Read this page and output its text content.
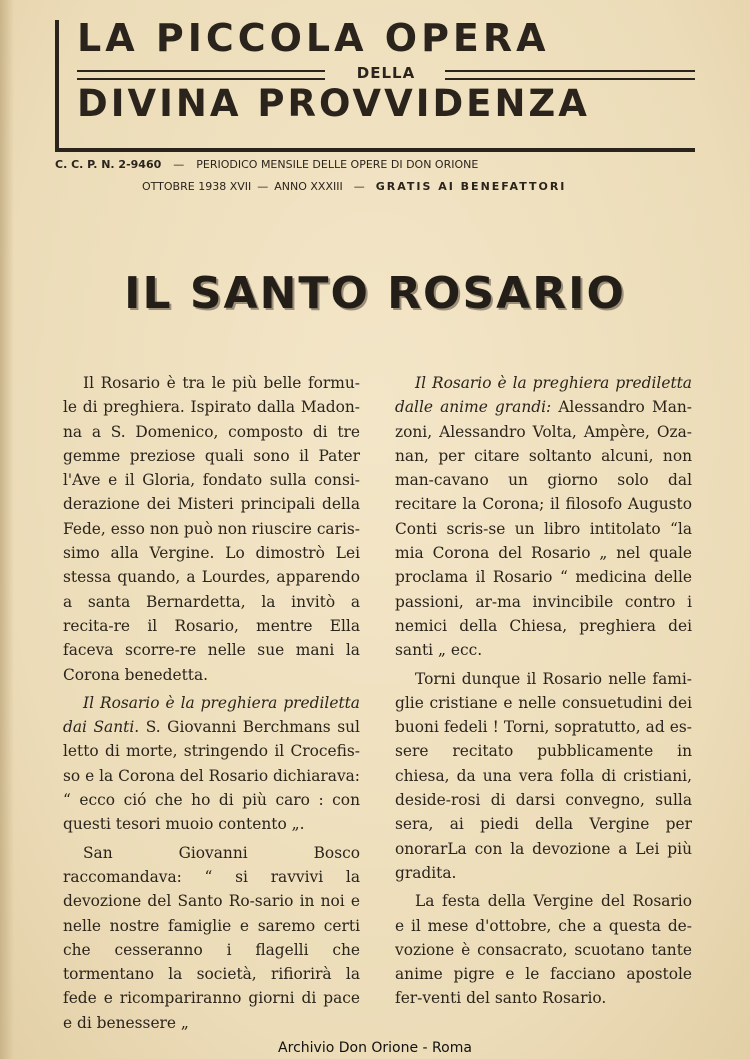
LA PICCOLA OPERA
DELLA
DIVINA PROVVIDENZA
C. C. P. N. 2-9460 — PERIODICO MENSILE DELLE OPERE DI DON ORIONE
OTTOBRE 1938 XVII — ANNO XXXIII — GRATIS AI BENEFATTORI
IL SANTO ROSARIO

Il Rosario è tra le più belle formu-le di preghiera. Ispirato dalla Madon-na a S. Domenico, composto di tre gemme preziose quali sono il Pater l'Ave e il Gloria, fondato sulla consi-derazione dei Misteri principali della Fede, esso non può non riuscire caris-simo alla Vergine. Lo dimostrò Lei stessa quando, a Lourdes, apparendo a santa Bernardetta, la invitò a recita-re il Rosario, mentre Ella faceva scorre-re nelle sue mani la Corona benedetta.

Il Rosario è la preghiera prediletta dai Santi. S. Giovanni Berchmans sul letto di morte, stringendo il Crocefis-so e la Corona del Rosario dichiarava: “ ecco ció che ho di più caro : con questi tesori muoio contento „.

San Giovanni Bosco raccomandava: “ si ravvivi la devozione del Santo Ro-sario in noi e nelle nostre famiglie e saremo certi che cesseranno i flagelli che tormentano la società, rifiorirà la fede e ricompariranno giorni di pace e di benessere „

Il Rosario è la preghiera prediletta dalle anime grandi: Alessandro Man-zoni, Alessandro Volta, Ampère, Oza-nan, per citare soltanto alcuni, non man-cavano un giorno solo dal recitare la Corona; il filosofo Augusto Conti scris-se un libro intitolato “la mia Corona del Rosario „ nel quale proclama il Rosario “ medicina delle passioni, ar-ma invincibile contro i nemici della Chiesa, preghiera dei santi „ ecc.

Torni dunque il Rosario nelle fami-glie cristiane e nelle consuetudini dei buoni fedeli ! Torni, sopratutto, ad es-sere recitato pubblicamente in chiesa, da una vera folla di cristiani, deside-rosi di darsi convegno, sulla sera, ai piedi della Vergine per onorarLa con la devozione a Lei più gradita.

La festa della Vergine del Rosario e il mese d'ottobre, che a questa de-vozione è consacrato, scuotano tante anime pigre e le facciano apostole fer-venti del santo Rosario.

Archivio Don Orione - Roma
